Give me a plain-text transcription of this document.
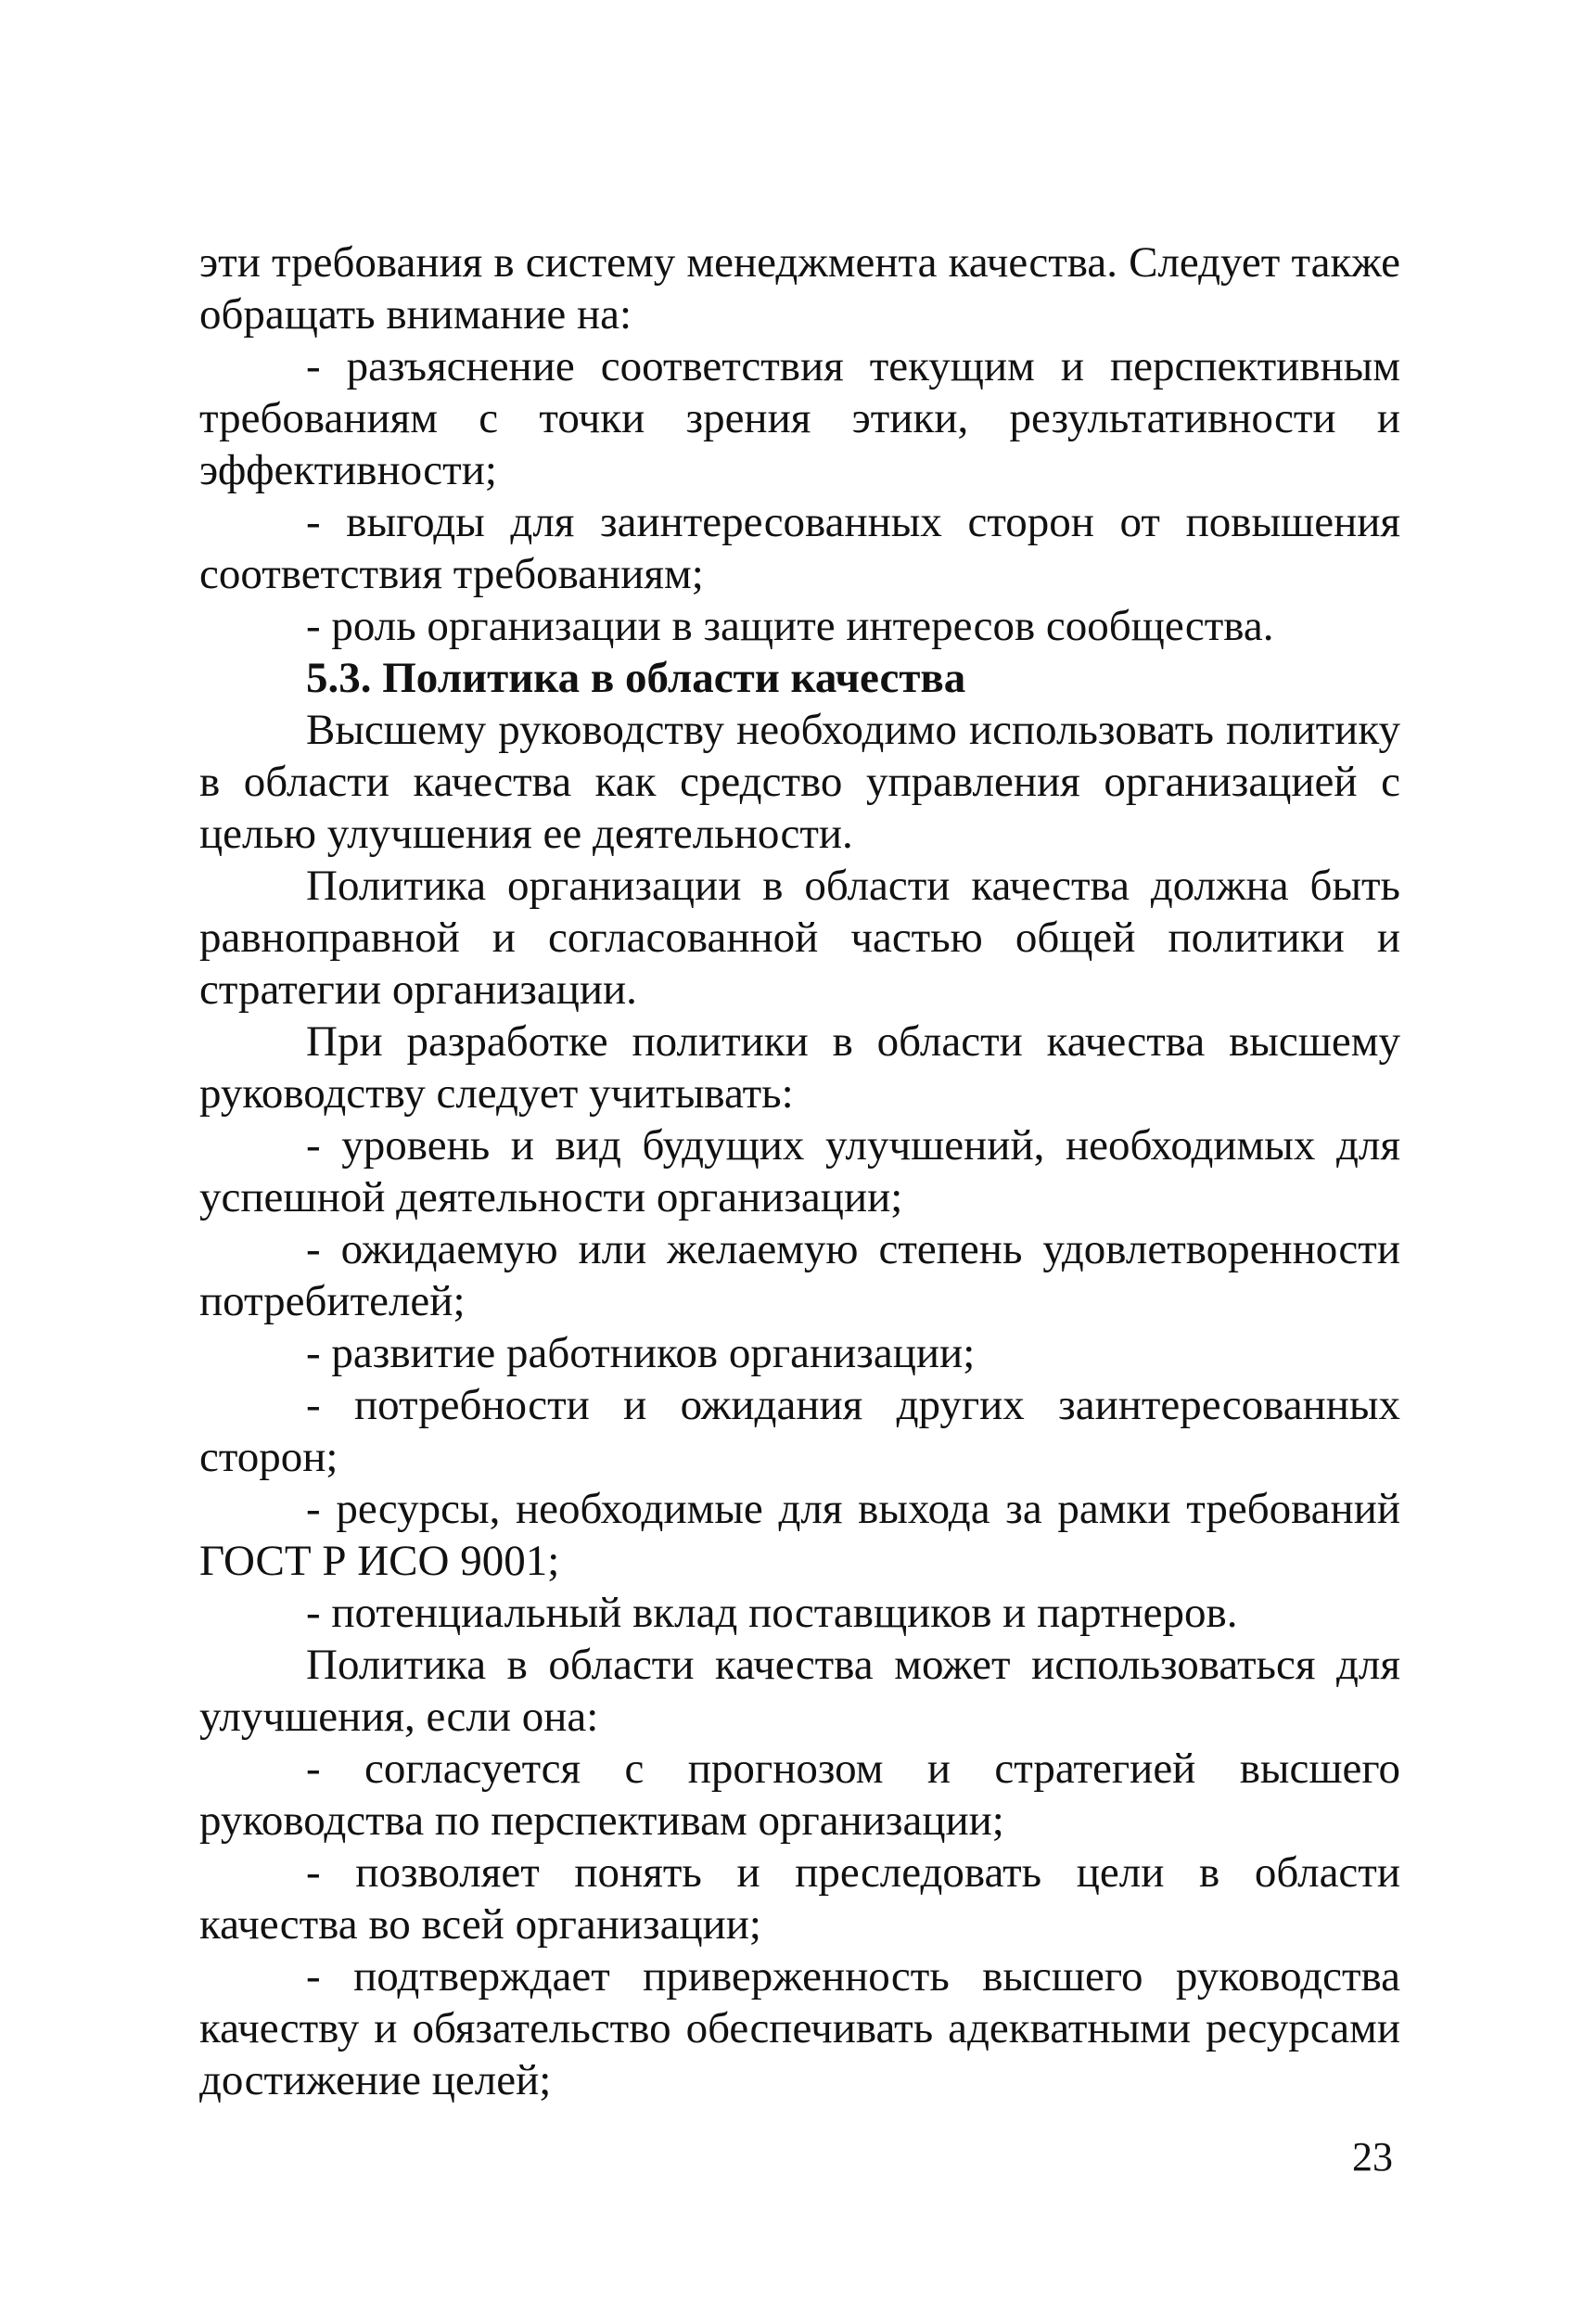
эти требования в систему менеджмента качества. Следует также обращать внимание на:

- разъяснение соответствия текущим и перспективным требованиям с точки зрения этики, результативности и эффективности;

- выгоды для заинтересованных сторон от повышения соответствия требованиям;

- роль организации в защите интересов сообщества.

5.3. Политика в области качества

Высшему руководству необходимо использовать политику в области качества как средство управления организацией с целью улучшения ее деятельности.

Политика организации в области качества должна быть равноправной и согласованной частью общей политики и стратегии организации.

При разработке политики в области качества высшему руководству следует учитывать:

- уровень и вид будущих улучшений, необходимых для успешной деятельности организации;

- ожидаемую или желаемую степень удовлетворенности потребителей;

- развитие работников организации;

- потребности и ожидания других заинтересованных сторон;

- ресурсы, необходимые для выхода за рамки требований ГОСТ Р ИСО 9001;

- потенциальный вклад поставщиков и партнеров.

Политика в области качества может использоваться для улучшения, если она:

- согласуется с прогнозом и стратегией высшего руководства по перспективам организации;

- позволяет понять и преследовать цели в области качества во всей организации;

- подтверждает приверженность высшего руководства качеству и обязательство обеспечивать адекватными ресурсами достижение целей;

23
